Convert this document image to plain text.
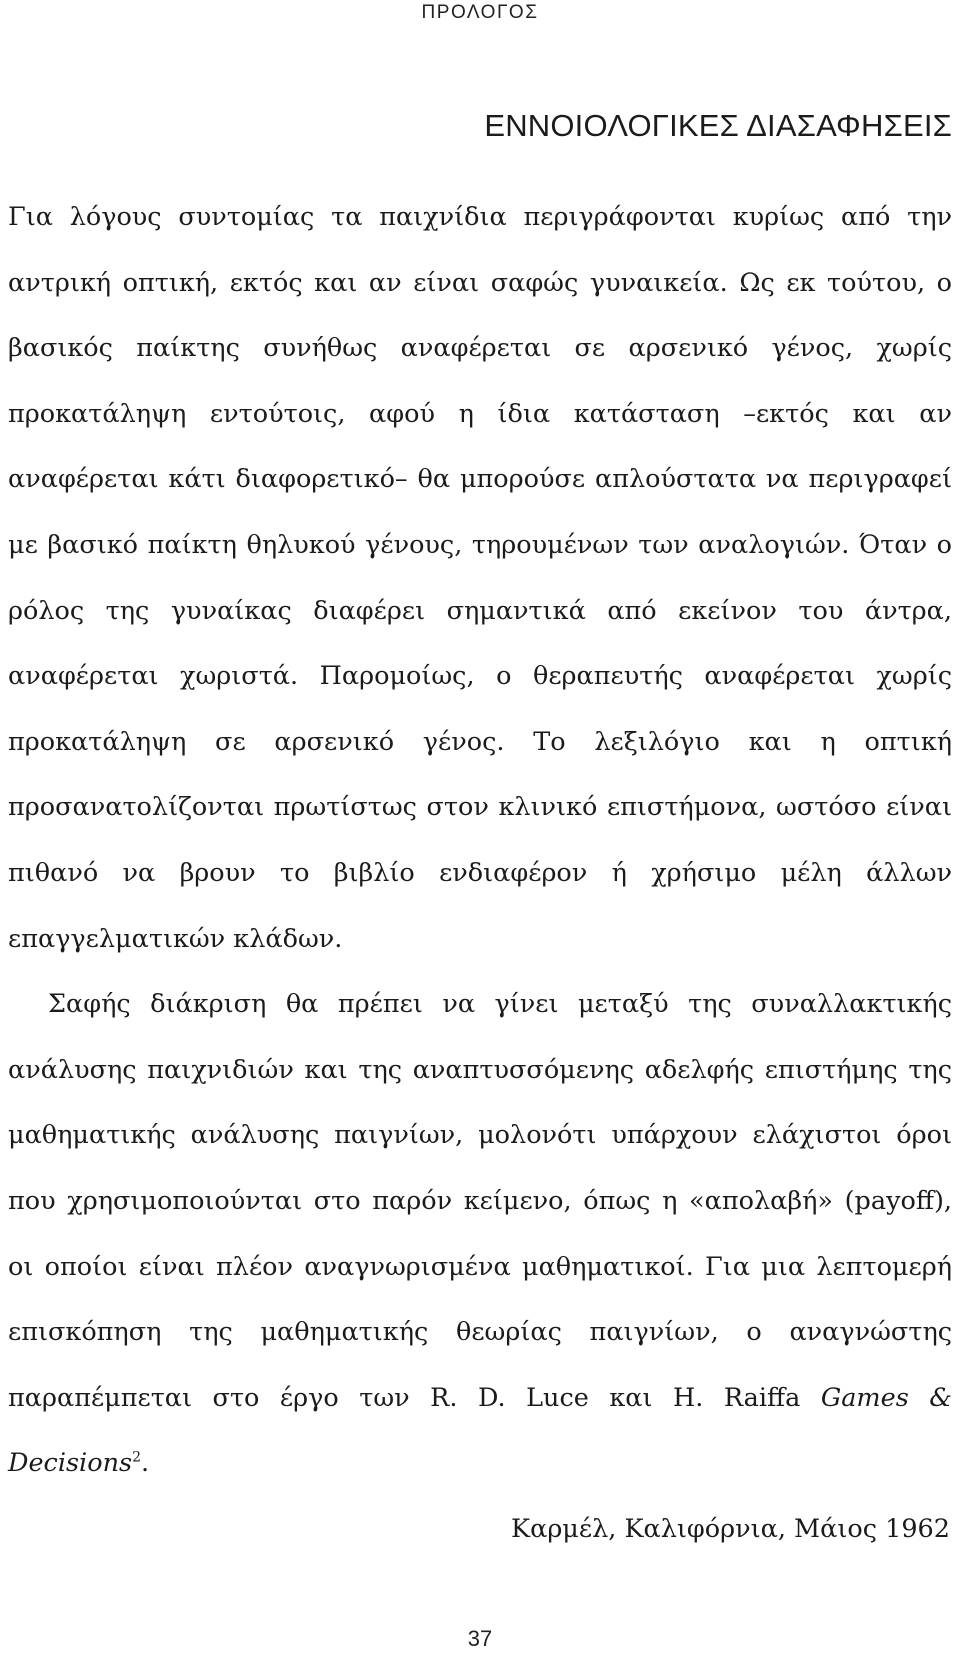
ΠΡΟΛΟΓΟΣ
ΕΝΝΟΙΟΛΟΓΙΚΕΣ ΔΙΑΣΑΦΗΣΕΙΣ

Για λόγους συντομίας τα παιχνίδια περιγράφονται κυρίως από την αντρική οπτική, εκτός και αν είναι σαφώς γυναικεία. Ως εκ τούτου, ο βασικός παίκτης συνήθως αναφέρεται σε αρσενικό γένος, χωρίς προκατάληψη εντούτοις, αφού η ίδια κατάσταση –εκτός και αν αναφέρεται κάτι διαφορετικό– θα μπορούσε απλούστατα να περιγραφεί με βασικό παίκτη θηλυκού γένους, τηρουμένων των αναλογιών. Όταν ο ρόλος της γυναίκας διαφέρει σημαντικά από εκείνον του άντρα, αναφέρεται χωριστά. Παρομοίως, ο θεραπευτής αναφέρεται χωρίς προκατάληψη σε αρσενικό γένος. Το λεξιλόγιο και η οπτική προσανατολίζονται πρωτίστως στον κλινικό επιστήμονα, ωστόσο είναι πιθανό να βρουν το βιβλίο ενδιαφέρον ή χρήσιμο μέλη άλλων επαγγελματικών κλάδων.

Σαφής διάκριση θα πρέπει να γίνει μεταξύ της συναλλακτικής ανάλυσης παιχνιδιών και της αναπτυσσόμενης αδελφής επιστήμης της μαθηματικής ανάλυσης παιγνίων, μολονότι υπάρχουν ελάχιστοι όροι που χρησιμοποιούνται στο παρόν κείμενο, όπως η «απολαβή» (payoff), οι οποίοι είναι πλέον αναγνωρισμένα μαθηματικοί. Για μια λεπτομερή επισκόπηση της μαθηματικής θεωρίας παιγνίων, ο αναγνώστης παραπέμπεται στο έργο των R. D. Luce και H. Raiffa Games & Decisions$^2$.

Καρμέλ, Καλιφόρνια, Μάιος 1962

37
